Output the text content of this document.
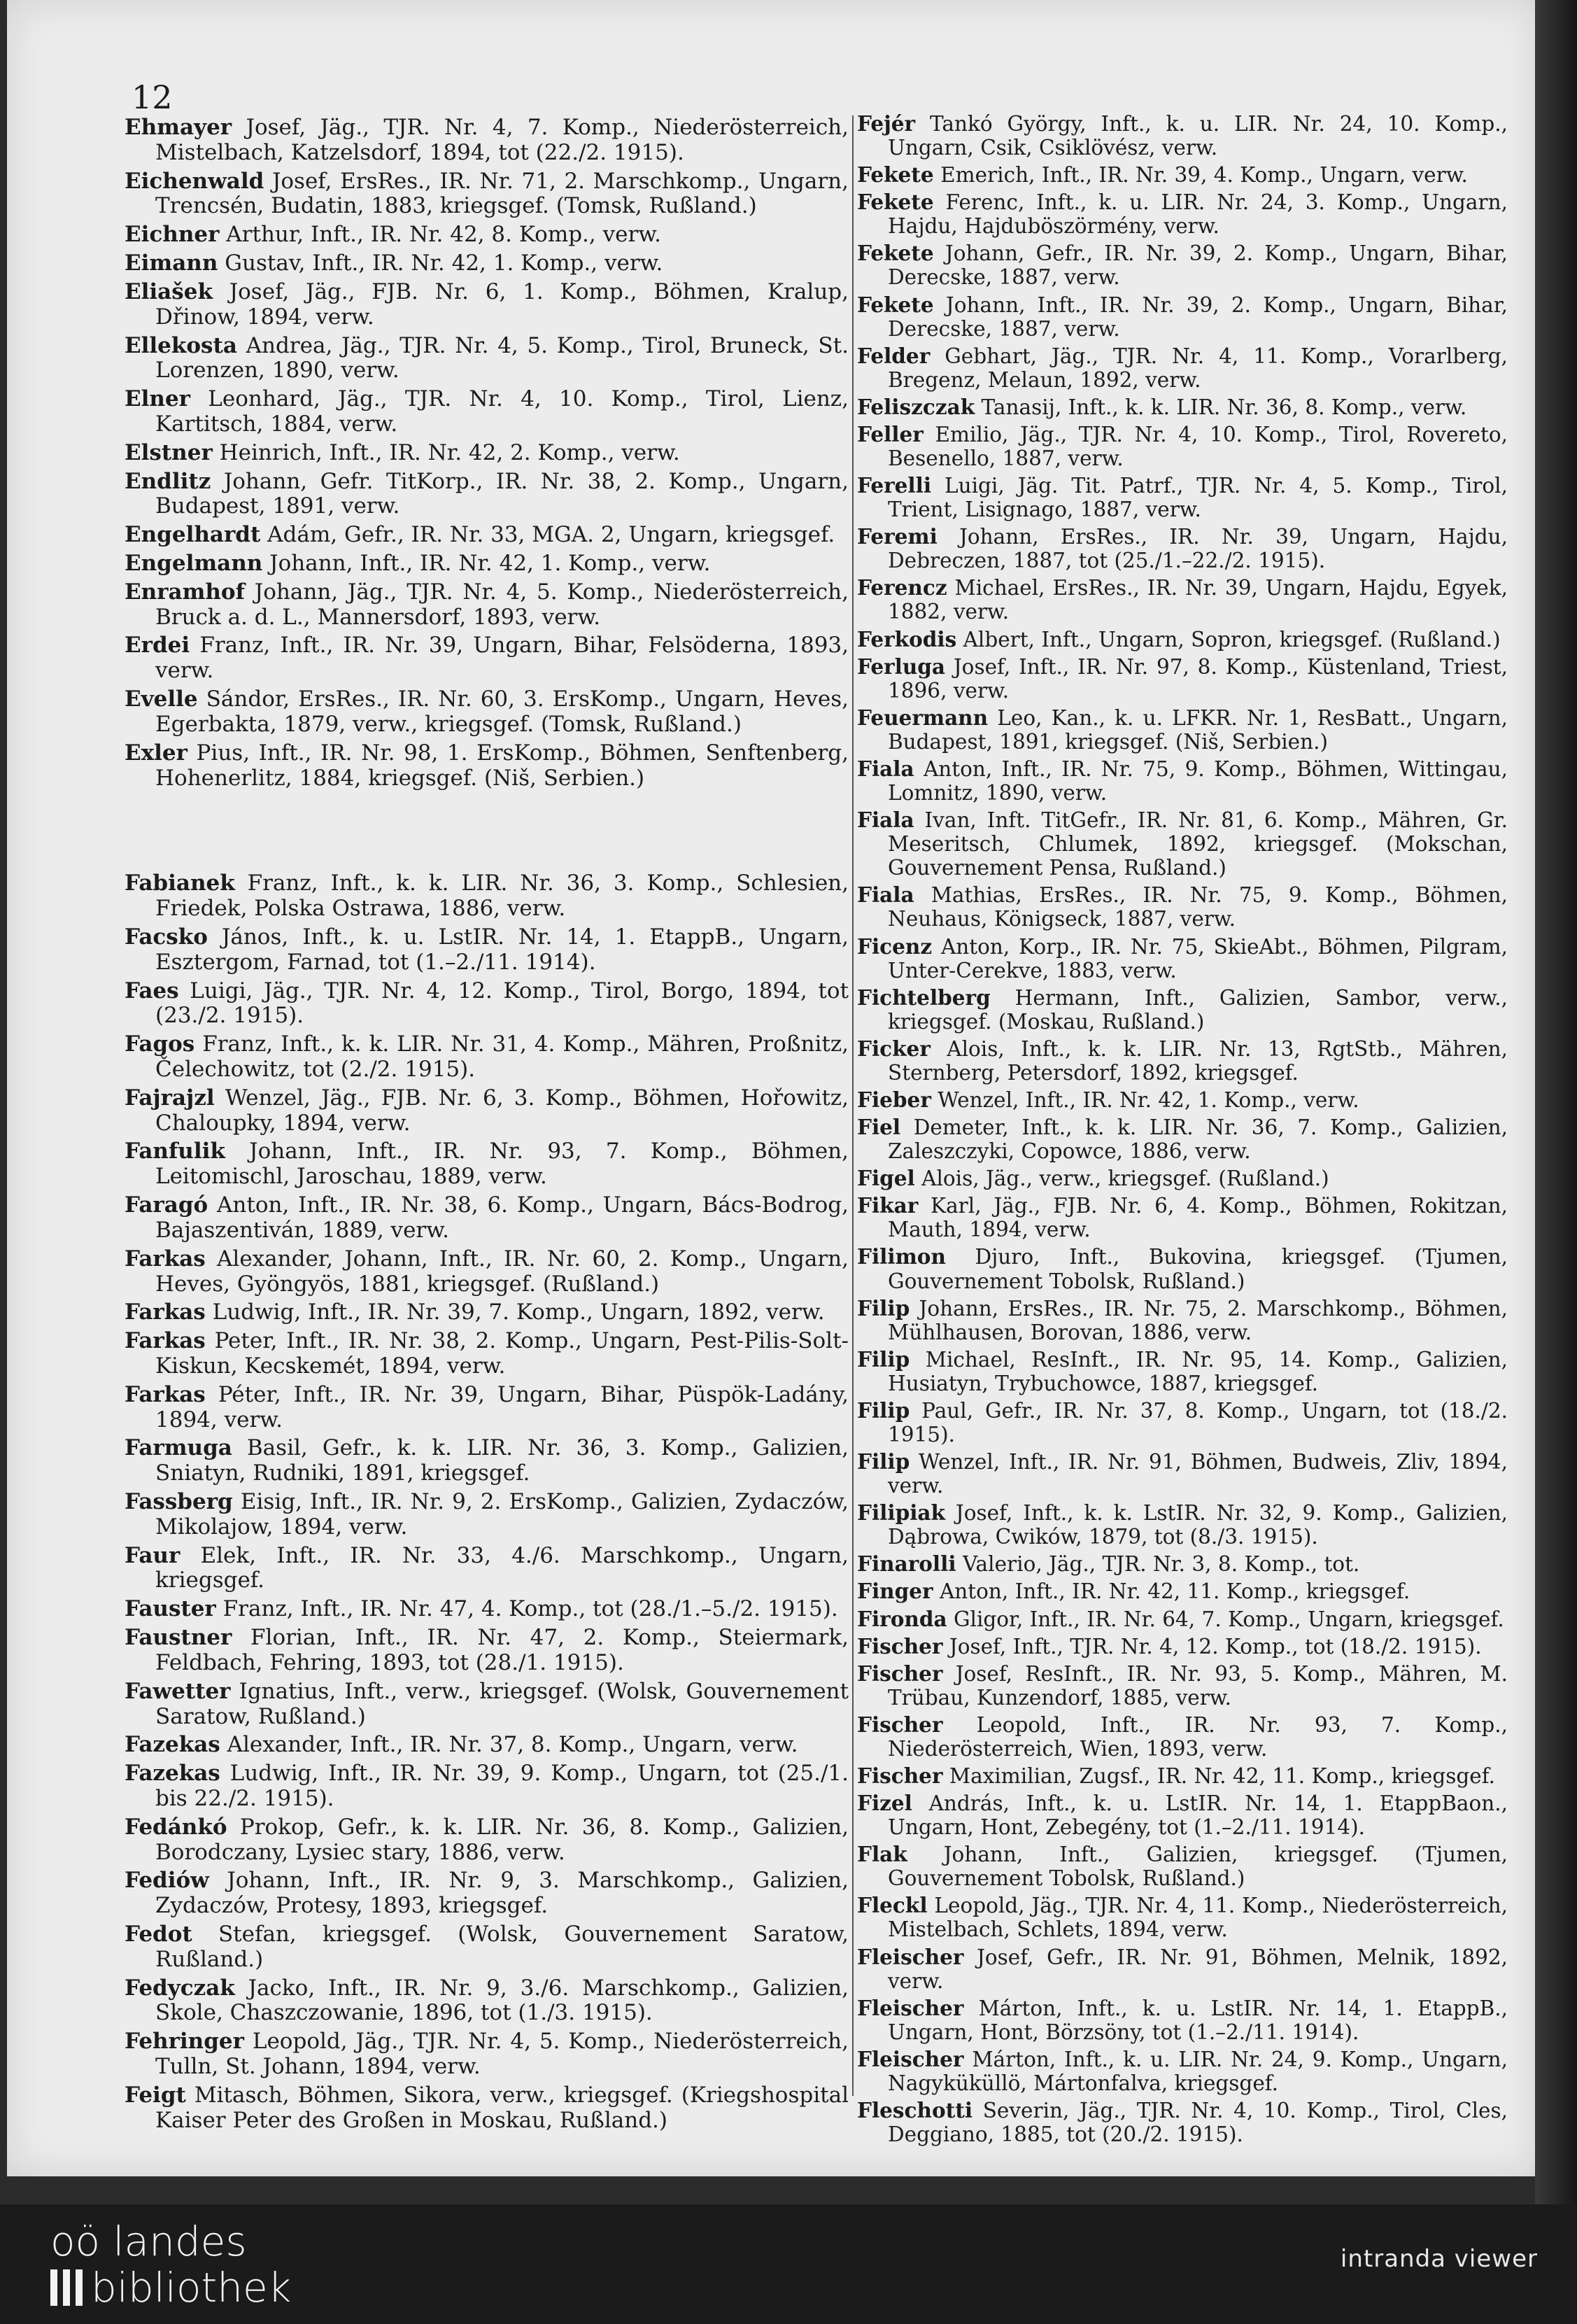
12

Ehmayer Josef, Jäg., TJR. Nr. 4, 7. Komp., Niederösterreich, Mistelbach, Katzelsdorf, 1894, tot (22./2. 1915).

Eichenwald Josef, ErsRes., IR. Nr. 71, 2. Marschkomp., Ungarn, Trencsén, Budatin, 1883, kriegsgef. (Tomsk, Rußland.)

Eichner Arthur, Inft., IR. Nr. 42, 8. Komp., verw.

Eimann Gustav, Inft., IR. Nr. 42, 1. Komp., verw.

Eliašek Josef, Jäg., FJB. Nr. 6, 1. Komp., Böhmen, Kralup, Dřinow, 1894, verw.

Ellekosta Andrea, Jäg., TJR. Nr. 4, 5. Komp., Tirol, Bruneck, St. Lorenzen, 1890, verw.

Elner Leonhard, Jäg., TJR. Nr. 4, 10. Komp., Tirol, Lienz, Kartitsch, 1884, verw.

Elstner Heinrich, Inft., IR. Nr. 42, 2. Komp., verw.

Endlitz Johann, Gefr. TitKorp., IR. Nr. 38, 2. Komp., Ungarn, Budapest, 1891, verw.

Engelhardt Adám, Gefr., IR. Nr. 33, MGA. 2, Ungarn, kriegsgef.

Engelmann Johann, Inft., IR. Nr. 42, 1. Komp., verw.

Enramhof Johann, Jäg., TJR. Nr. 4, 5. Komp., Niederösterreich, Bruck a. d. L., Mannersdorf, 1893, verw.

Erdei Franz, Inft., IR. Nr. 39, Ungarn, Bihar, Felsöderna, 1893, verw.

Evelle Sándor, ErsRes., IR. Nr. 60, 3. ErsKomp., Ungarn, Heves, Egerbakta, 1879, verw., kriegsgef. (Tomsk, Rußland.)

Exler Pius, Inft., IR. Nr. 98, 1. ErsKomp., Böhmen, Senftenberg, Hohenerlitz, 1884, kriegsgef. (Niš, Serbien.)

Fabianek Franz, Inft., k. k. LIR. Nr. 36, 3. Komp., Schlesien, Friedek, Polska Ostrawa, 1886, verw.

Facsko János, Inft., k. u. LstIR. Nr. 14, 1. EtappB., Ungarn, Esztergom, Farnad, tot (1.–2./11. 1914).

Faes Luigi, Jäg., TJR. Nr. 4, 12. Komp., Tirol, Borgo, 1894, tot (23./2. 1915).

Fagos Franz, Inft., k. k. LIR. Nr. 31, 4. Komp., Mähren, Proßnitz, Čelechowitz, tot (2./2. 1915).

Fajrajzl Wenzel, Jäg., FJB. Nr. 6, 3. Komp., Böhmen, Hořowitz, Chaloupky, 1894, verw.

Fanfulik Johann, Inft., IR. Nr. 93, 7. Komp., Böhmen, Leitomischl, Jaroschau, 1889, verw.

Faragó Anton, Inft., IR. Nr. 38, 6. Komp., Ungarn, Bács-Bodrog, Bajaszentiván, 1889, verw.

Farkas Alexander, Johann, Inft., IR. Nr. 60, 2. Komp., Ungarn, Heves, Gyöngyös, 1881, kriegsgef. (Rußland.)

Farkas Ludwig, Inft., IR. Nr. 39, 7. Komp., Ungarn, 1892, verw.

Farkas Peter, Inft., IR. Nr. 38, 2. Komp., Ungarn, Pest-Pilis-Solt-Kiskun, Kecskemét, 1894, verw.

Farkas Péter, Inft., IR. Nr. 39, Ungarn, Bihar, Püspök-Ladány, 1894, verw.

Farmuga Basil, Gefr., k. k. LIR. Nr. 36, 3. Komp., Galizien, Sniatyn, Rudniki, 1891, kriegsgef.

Fassberg Eisig, Inft., IR. Nr. 9, 2. ErsKomp., Galizien, Zydaczów, Mikolajow, 1894, verw.

Faur Elek, Inft., IR. Nr. 33, 4./6. Marschkomp., Ungarn, kriegsgef.

Fauster Franz, Inft., IR. Nr. 47, 4. Komp., tot (28./1.–5./2. 1915).

Faustner Florian, Inft., IR. Nr. 47, 2. Komp., Steiermark, Feldbach, Fehring, 1893, tot (28./1. 1915).

Fawetter Ignatius, Inft., verw., kriegsgef. (Wolsk, Gouvernement Saratow, Rußland.)

Fazekas Alexander, Inft., IR. Nr. 37, 8. Komp., Ungarn, verw.

Fazekas Ludwig, Inft., IR. Nr. 39, 9. Komp., Ungarn, tot (25./1. bis 22./2. 1915).

Fedánkó Prokop, Gefr., k. k. LIR. Nr. 36, 8. Komp., Galizien, Borodczany, Lysiec stary, 1886, verw.

Fediów Johann, Inft., IR. Nr. 9, 3. Marschkomp., Galizien, Zydaczów, Protesy, 1893, kriegsgef.

Fedot Stefan, kriegsgef. (Wolsk, Gouvernement Saratow, Rußland.)

Fedyczak Jacko, Inft., IR. Nr. 9, 3./6. Marschkomp., Galizien, Skole, Chaszczowanie, 1896, tot (1./3. 1915).

Fehringer Leopold, Jäg., TJR. Nr. 4, 5. Komp., Niederösterreich, Tulln, St. Johann, 1894, verw.

Feigt Mitasch, Böhmen, Sikora, verw., kriegsgef. (Kriegshospital Kaiser Peter des Großen in Moskau, Rußland.)

Fejér Tankó György, Inft., k. u. LIR. Nr. 24, 10. Komp., Ungarn, Csik, Csiklövész, verw.

Fekete Emerich, Inft., IR. Nr. 39, 4. Komp., Ungarn, verw.

Fekete Ferenc, Inft., k. u. LIR. Nr. 24, 3. Komp., Ungarn, Hajdu, Hajduböszörmény, verw.

Fekete Johann, Gefr., IR. Nr. 39, 2. Komp., Ungarn, Bihar, Derecske, 1887, verw.

Fekete Johann, Inft., IR. Nr. 39, 2. Komp., Ungarn, Bihar, Derecske, 1887, verw.

Felder Gebhart, Jäg., TJR. Nr. 4, 11. Komp., Vorarlberg, Bregenz, Melaun, 1892, verw.

Feliszczak Tanasij, Inft., k. k. LIR. Nr. 36, 8. Komp., verw.

Feller Emilio, Jäg., TJR. Nr. 4, 10. Komp., Tirol, Rovereto, Besenello, 1887, verw.

Ferelli Luigi, Jäg. Tit. Patrf., TJR. Nr. 4, 5. Komp., Tirol, Trient, Lisignago, 1887, verw.

Feremi Johann, ErsRes., IR. Nr. 39, Ungarn, Hajdu, Debreczen, 1887, tot (25./1.–22./2. 1915).

Ferencz Michael, ErsRes., IR. Nr. 39, Ungarn, Hajdu, Egyek, 1882, verw.

Ferkodis Albert, Inft., Ungarn, Sopron, kriegsgef. (Rußland.)

Ferluga Josef, Inft., IR. Nr. 97, 8. Komp., Küstenland, Triest, 1896, verw.

Feuermann Leo, Kan., k. u. LFKR. Nr. 1, ResBatt., Ungarn, Budapest, 1891, kriegsgef. (Niš, Serbien.)

Fiala Anton, Inft., IR. Nr. 75, 9. Komp., Böhmen, Wittingau, Lomnitz, 1890, verw.

Fiala Ivan, Inft. TitGefr., IR. Nr. 81, 6. Komp., Mähren, Gr. Meseritsch, Chlumek, 1892, kriegsgef. (Mokschan, Gouvernement Pensa, Rußland.)

Fiala Mathias, ErsRes., IR. Nr. 75, 9. Komp., Böhmen, Neuhaus, Königseck, 1887, verw.

Ficenz Anton, Korp., IR. Nr. 75, SkieAbt., Böhmen, Pilgram, Unter-Cerekve, 1883, verw.

Fichtelberg Hermann, Inft., Galizien, Sambor, verw., kriegsgef. (Moskau, Rußland.)

Ficker Alois, Inft., k. k. LIR. Nr. 13, RgtStb., Mähren, Sternberg, Petersdorf, 1892, kriegsgef.

Fieber Wenzel, Inft., IR. Nr. 42, 1. Komp., verw.

Fiel Demeter, Inft., k. k. LIR. Nr. 36, 7. Komp., Galizien, Zaleszczyki, Copowce, 1886, verw.

Figel Alois, Jäg., verw., kriegsgef. (Rußland.)

Fikar Karl, Jäg., FJB. Nr. 6, 4. Komp., Böhmen, Rokitzan, Mauth, 1894, verw.

Filimon Djuro, Inft., Bukovina, kriegsgef. (Tjumen, Gouvernement Tobolsk, Rußland.)

Filip Johann, ErsRes., IR. Nr. 75, 2. Marschkomp., Böhmen, Mühlhausen, Borovan, 1886, verw.

Filip Michael, ResInft., IR. Nr. 95, 14. Komp., Galizien, Husiatyn, Trybuchowce, 1887, kriegsgef.

Filip Paul, Gefr., IR. Nr. 37, 8. Komp., Ungarn, tot (18./2. 1915).

Filip Wenzel, Inft., IR. Nr. 91, Böhmen, Budweis, Zliv, 1894, verw.

Filipiak Josef, Inft., k. k. LstIR. Nr. 32, 9. Komp., Galizien, Dąbrowa, Cwików, 1879, tot (8./3. 1915).

Finarolli Valerio, Jäg., TJR. Nr. 3, 8. Komp., tot.

Finger Anton, Inft., IR. Nr. 42, 11. Komp., kriegsgef.

Fironda Gligor, Inft., IR. Nr. 64, 7. Komp., Ungarn, kriegsgef.

Fischer Josef, Inft., TJR. Nr. 4, 12. Komp., tot (18./2. 1915).

Fischer Josef, ResInft., IR. Nr. 93, 5. Komp., Mähren, M. Trübau, Kunzendorf, 1885, verw.

Fischer Leopold, Inft., IR. Nr. 93, 7. Komp., Niederösterreich, Wien, 1893, verw.

Fischer Maximilian, Zugsf., IR. Nr. 42, 11. Komp., kriegsgef.

Fizel András, Inft., k. u. LstIR. Nr. 14, 1. EtappBaon., Ungarn, Hont, Zebegény, tot (1.–2./11. 1914).

Flak Johann, Inft., Galizien, kriegsgef. (Tjumen, Gouvernement Tobolsk, Rußland.)

Fleckl Leopold, Jäg., TJR. Nr. 4, 11. Komp., Niederösterreich, Mistelbach, Schlets, 1894, verw.

Fleischer Josef, Gefr., IR. Nr. 91, Böhmen, Melnik, 1892, verw.

Fleischer Márton, Inft., k. u. LstIR. Nr. 14, 1. EtappB., Ungarn, Hont, Börzsöny, tot (1.–2./11. 1914).

Fleischer Márton, Inft., k. u. LIR. Nr. 24, 9. Komp., Ungarn, Nagyküküllö, Mártonfalva, kriegsgef.

Fleschotti Severin, Jäg., TJR. Nr. 4, 10. Komp., Tirol, Cles, Deggiano, 1885, tot (20./2. 1915).

oö landes
bibliothek
intranda viewer
